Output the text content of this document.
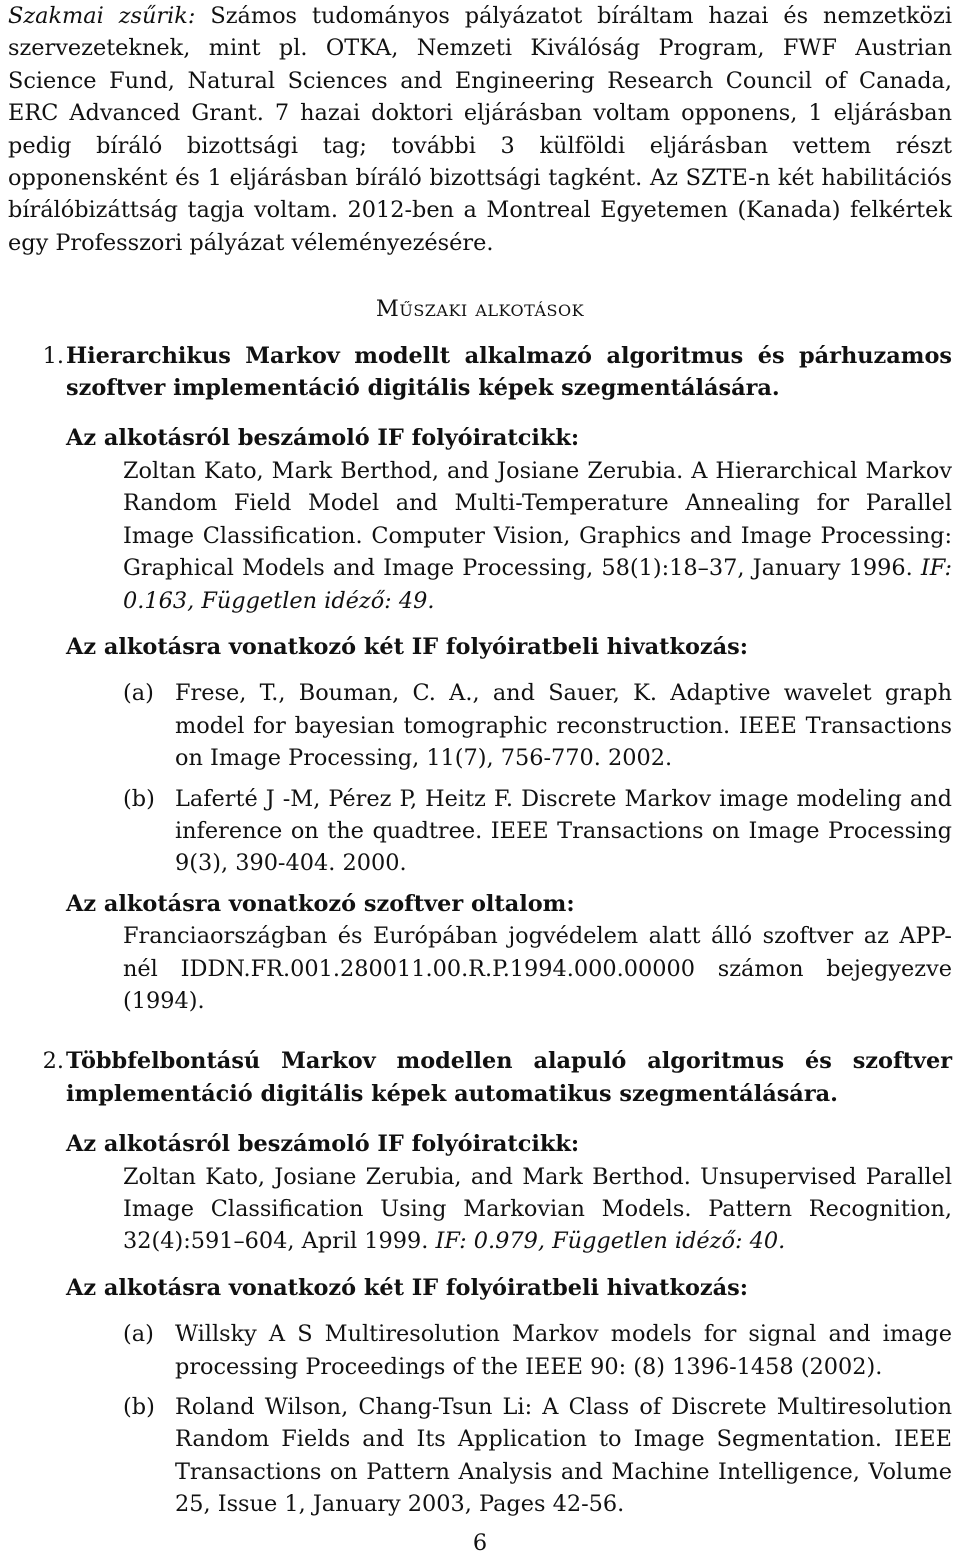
Szakmai zsűrik: Számos tudományos pályázatot bíráltam hazai és nemzetközi szervezeteknek, mint pl. OTKA, Nemzeti Kiválóság Program, FWF Austrian Science Fund, Natural Sciences and Engineering Research Council of Canada, ERC Advanced Grant. 7 hazai doktori eljárásban voltam opponens, 1 eljárásban pedig bíráló bizottsági tag; további 3 külföldi eljárásban vettem részt opponensként és 1 eljárásban bíráló bizottsági tagként. Az SZTE-n két habilitációs bírálóbizáttság tagja voltam. 2012-ben a Montreal Egyetemen (Kanada) felkértek egy Professzori pályázat véleményezésére.

Műszaki alkotások
1. Hierarchikus Markov modellt alkalmazó algoritmus és párhuzamos szoftver implementáció digitális képek szegmentálására.
Az alkotásról beszámoló IF folyóiratcikk:
Zoltan Kato, Mark Berthod, and Josiane Zerubia. A Hierarchical Markov Random Field Model and Multi-Temperature Annealing for Parallel Image Classification. Computer Vision, Graphics and Image Processing: Graphical Models and Image Processing, 58(1):18–37, January 1996. IF: 0.163, Független idéző: 49.
Az alkotásra vonatkozó két IF folyóiratbeli hivatkozás:
(a) Frese, T., Bouman, C. A., and Sauer, K. Adaptive wavelet graph model for bayesian tomographic reconstruction. IEEE Transactions on Image Processing, 11(7), 756-770. 2002.
(b) Laferté J -M, Pérez P, Heitz F. Discrete Markov image modeling and inference on the quadtree. IEEE Transactions on Image Processing 9(3), 390-404. 2000.
Az alkotásra vonatkozó szoftver oltalom:
Franciaországban és Európában jogvédelem alatt álló szoftver az APP-nél IDDN.FR.001.280011.00.R.P.1994.000.00000 számon bejegyezve (1994).
2. Többfelbontású Markov modellen alapuló algoritmus és szoftver implementáció digitális képek automatikus szegmentálására.
Az alkotásról beszámoló IF folyóiratcikk:
Zoltan Kato, Josiane Zerubia, and Mark Berthod. Unsupervised Parallel Image Classification Using Markovian Models. Pattern Recognition, 32(4):591–604, April 1999. IF: 0.979, Független idéző: 40.
Az alkotásra vonatkozó két IF folyóiratbeli hivatkozás:
(a) Willsky A S Multiresolution Markov models for signal and image processing Proceedings of the IEEE 90: (8) 1396-1458 (2002).
(b) Roland Wilson, Chang-Tsun Li: A Class of Discrete Multiresolution Random Fields and Its Application to Image Segmentation. IEEE Transactions on Pattern Analysis and Machine Intelligence, Volume 25, Issue 1, January 2003, Pages 42-56.
6
